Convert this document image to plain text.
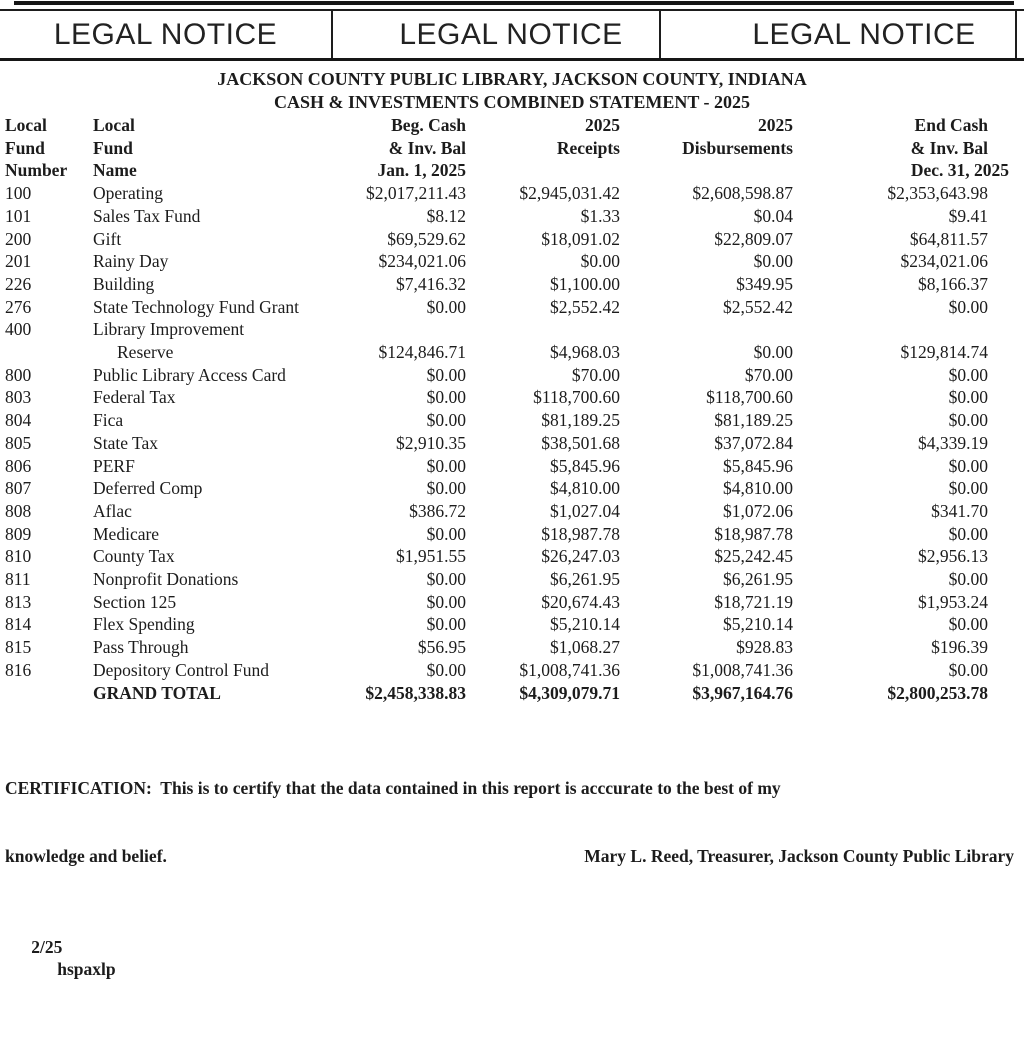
LEGAL NOTICE	LEGAL NOTICE	LEGAL NOTICE
JACKSON COUNTY PUBLIC LIBRARY, JACKSON COUNTY, INDIANA
CASH & INVESTMENTS COMBINED STATEMENT - 2025
Local	Local	Beg. Cash	2025	2025	End Cash
Fund	Fund	& Inv. Bal	Receipts	Disbursements	& Inv. Bal
Number	Name	Jan. 1, 2025			Dec. 31, 2025
100	Operating	$2,017,211.43	$2,945,031.42	$2,608,598.87	$2,353,643.98
101	Sales Tax Fund	$8.12	$1.33	$0.04	$9.41
200	Gift	$69,529.62	$18,091.02	$22,809.07	$64,811.57
201	Rainy Day	$234,021.06	$0.00	$0.00	$234,021.06
226	Building	$7,416.32	$1,100.00	$349.95	$8,166.37
276	State Technology Fund Grant	$0.00	$2,552.42	$2,552.42	$0.00
400	Library Improvement				
	Reserve	$124,846.71	$4,968.03	$0.00	$129,814.74
800	Public Library Access Card	$0.00	$70.00	$70.00	$0.00
803	Federal Tax	$0.00	$118,700.60	$118,700.60	$0.00
804	Fica	$0.00	$81,189.25	$81,189.25	$0.00
805	State Tax	$2,910.35	$38,501.68	$37,072.84	$4,339.19
806	PERF	$0.00	$5,845.96	$5,845.96	$0.00
807	Deferred Comp	$0.00	$4,810.00	$4,810.00	$0.00
808	Aflac	$386.72	$1,027.04	$1,072.06	$341.70
809	Medicare	$0.00	$18,987.78	$18,987.78	$0.00
810	County Tax	$1,951.55	$26,247.03	$25,242.45	$2,956.13
811	Nonprofit Donations	$0.00	$6,261.95	$6,261.95	$0.00
813	Section 125	$0.00	$20,674.43	$18,721.19	$1,953.24
814	Flex Spending	$0.00	$5,210.14	$5,210.14	$0.00
815	Pass Through	$56.95	$1,068.27	$928.83	$196.39
816	Depository Control Fund	$0.00	$1,008,741.36	$1,008,741.36	$0.00
	GRAND TOTAL	$2,458,338.83	$4,309,079.71	$3,967,164.76	$2,800,253.78

CERTIFICATION:  This is to certify that the data contained in this report is acccurate to the best of my

knowledge and belief.	Mary L. Reed, Treasurer, Jackson County Public Library

2/25
hspaxlp
